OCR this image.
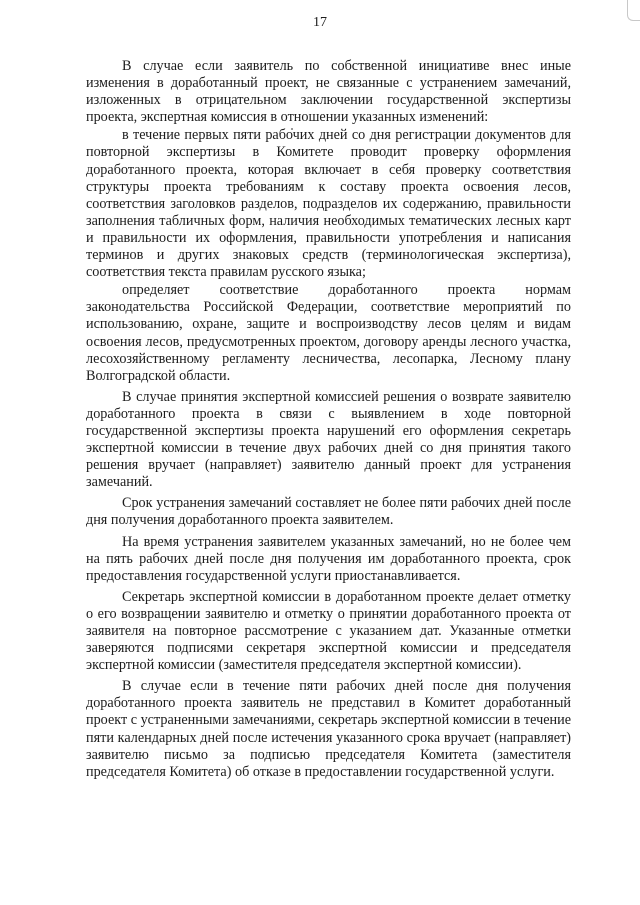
17

В случае если заявитель по собственной инициативе внес иные изменения в доработанный проект, не связанные с устранением замечаний, изложенных в отрицательном заключении государственной экспертизы проекта, экспертная комиссия в отношении указанных изменений:

в течение первых пяти рабочих дней со дня регистрации документов для повторной экспертизы в Комитете проводит проверку оформления доработанного проекта, которая включает в себя проверку соответствия структуры проекта требованиям к составу проекта освоения лесов, соответствия заголовков разделов, подразделов их содержанию, правильности заполнения табличных форм, наличия необходимых тематических лесных карт и правильности их оформления, правильности употребления и написания терминов и других знаковых средств (терминологическая экспертиза), соответствия текста правилам русского языка;

определяет соответствие доработанного проекта нормам законодательства Российской Федерации, соответствие мероприятий по использованию, охране, защите и воспроизводству лесов целям и видам освоения лесов, предусмотренных проектом, договору аренды лесного участка, лесохозяйственному регламенту лесничества, лесопарка, Лесному плану Волгоградской области.

В случае принятия экспертной комиссией решения о возврате заявителю доработанного проекта в связи с выявлением в ходе повторной государственной экспертизы проекта нарушений его оформления секретарь экспертной комиссии в течение двух рабочих дней со дня принятия такого решения вручает (направляет) заявителю данный проект для устранения замечаний.

Срок устранения замечаний составляет не более пяти рабочих дней после дня получения доработанного проекта заявителем.

На время устранения заявителем указанных замечаний, но не более чем на пять рабочих дней после дня получения им доработанного проекта, срок предоставления государственной услуги приостанавливается.

Секретарь экспертной комиссии в доработанном проекте делает отметку о его возвращении заявителю и отметку о принятии доработанного проекта от заявителя на повторное рассмотрение с указанием дат. Указанные отметки заверяются подписями секретаря экспертной комиссии и председателя экспертной комиссии (заместителя председателя экспертной комиссии).

В случае если в течение пяти рабочих дней после дня получения доработанного проекта заявитель не представил в Комитет доработанный проект с устраненными замечаниями, секретарь экспертной комиссии в течение пяти календарных дней после истечения указанного срока вручает (направляет) заявителю письмо за подписью председателя Комитета (заместителя председателя Комитета) об отказе в предоставлении государственной услуги.
